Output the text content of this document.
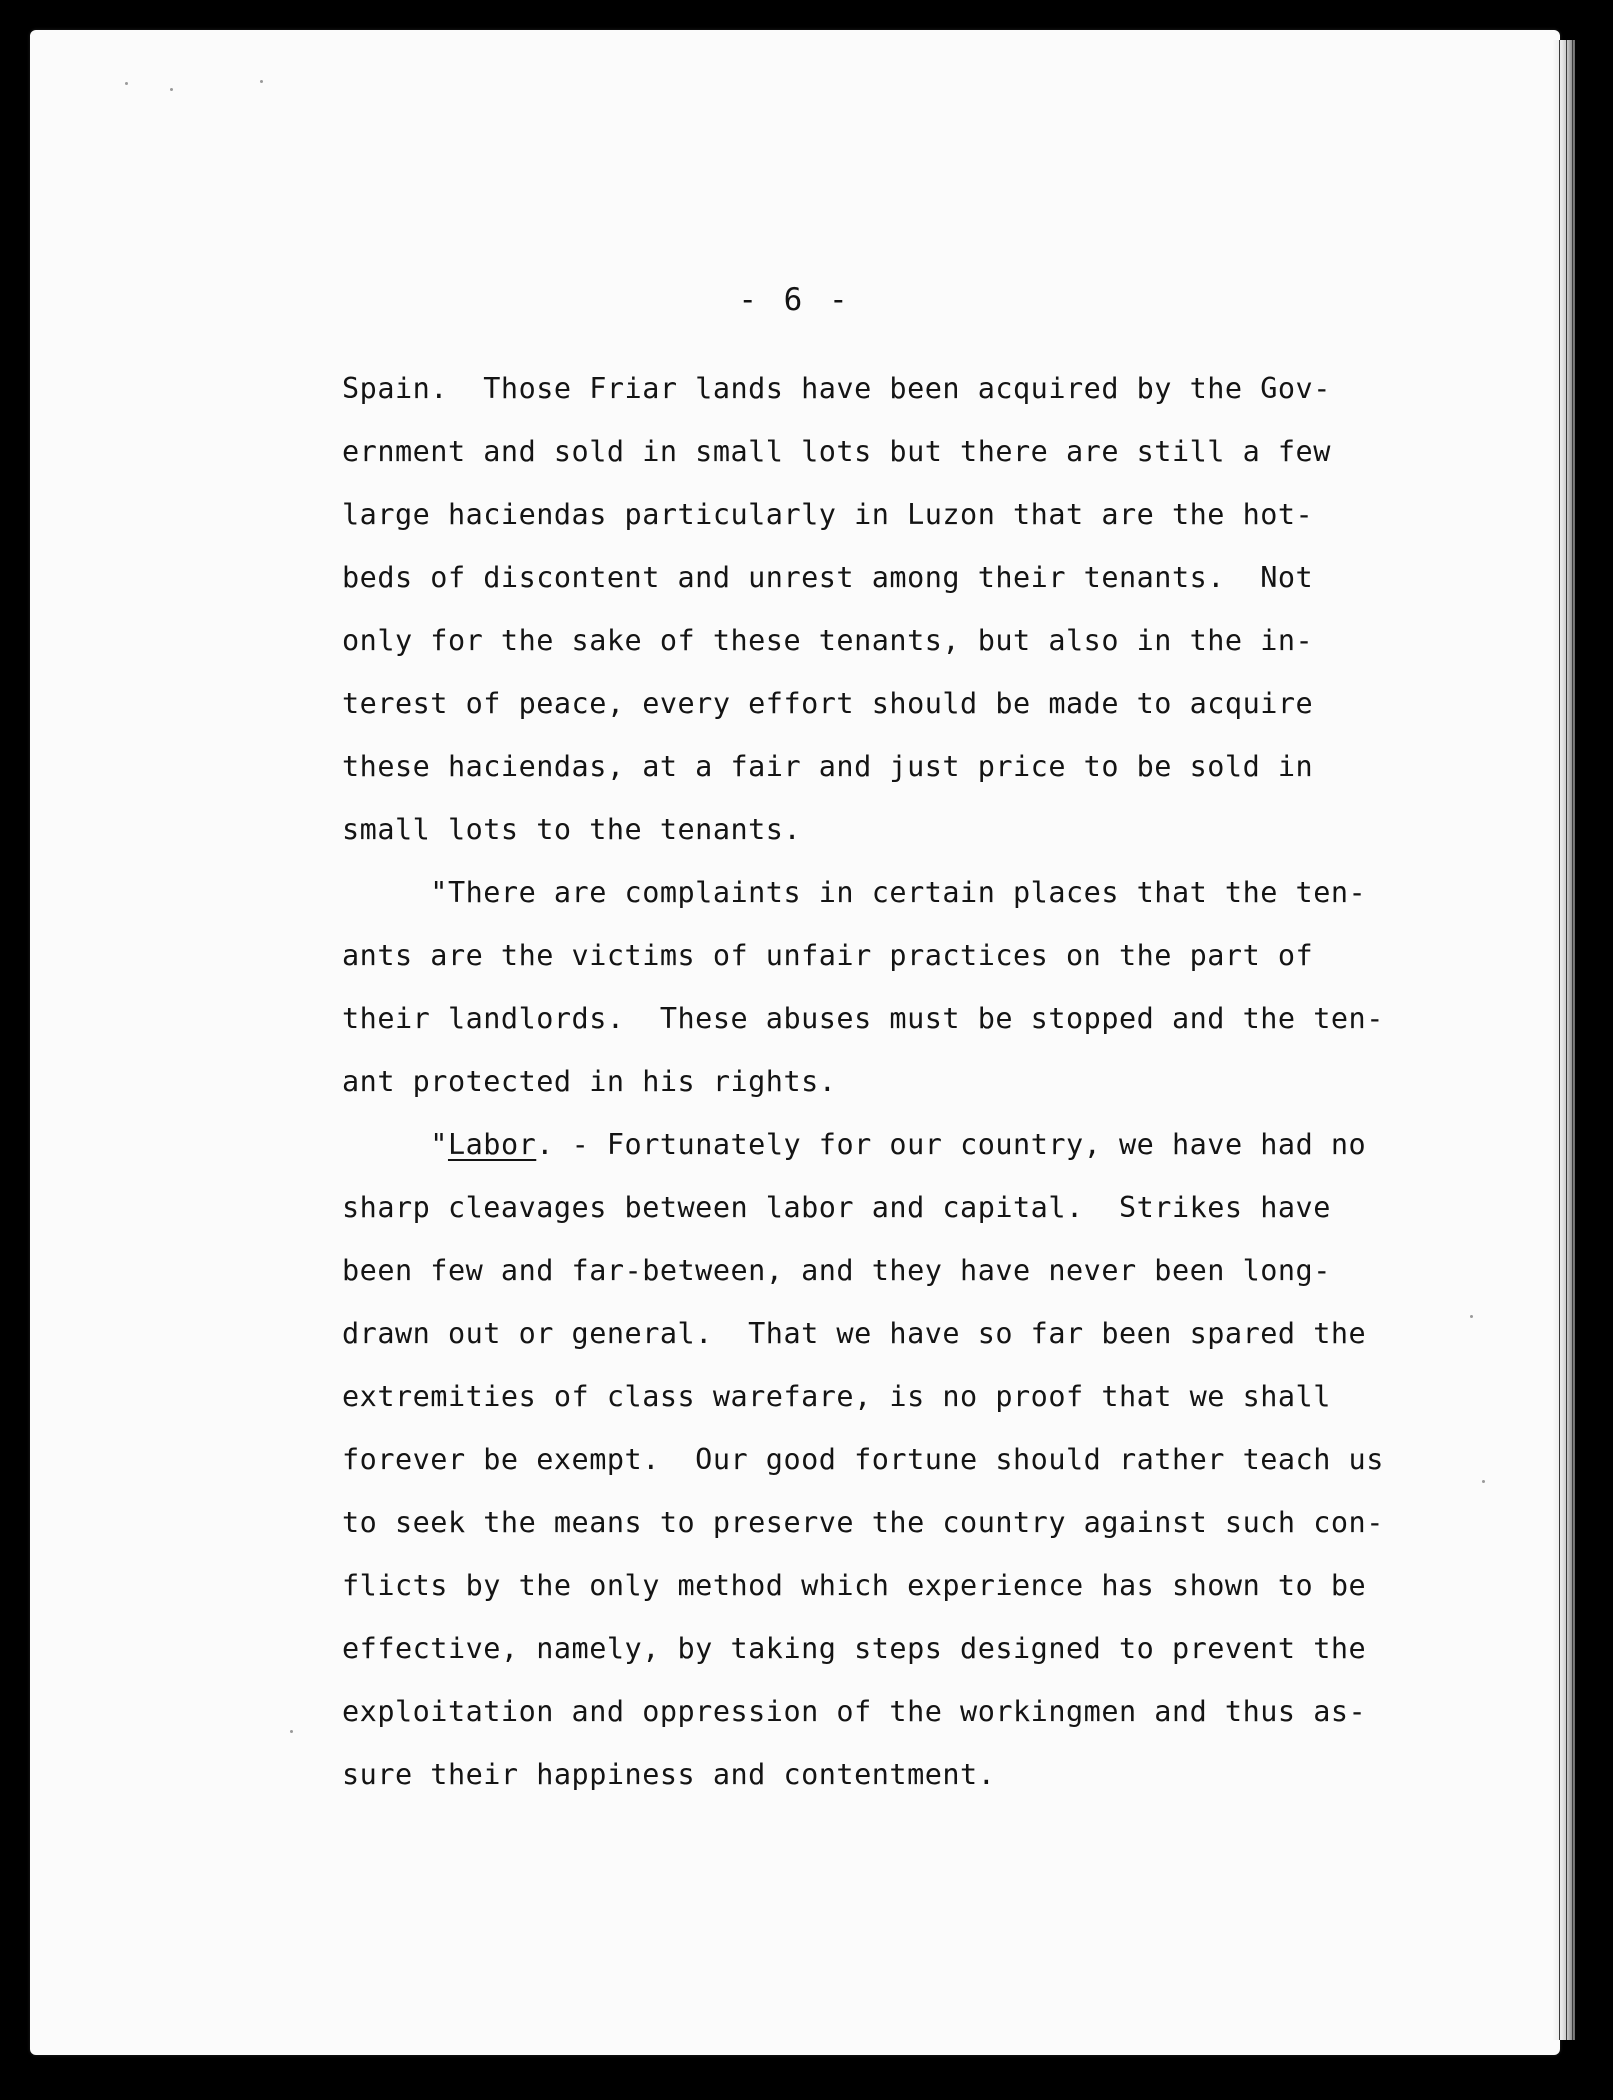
- 6 -
Spain.  Those Friar lands have been acquired by the Gov-
ernment and sold in small lots but there are still a few
large haciendas particularly in Luzon that are the hot-
beds of discontent and unrest among their tenants.  Not
only for the sake of these tenants, but also in the in-
terest of peace, every effort should be made to acquire
these haciendas, at a fair and just price to be sold in
small lots to the tenants.
"There are complaints in certain places that the ten-
ants are the victims of unfair practices on the part of
their landlords.  These abuses must be stopped and the ten-
ant protected in his rights.
"Labor. - Fortunately for our country, we have had no
sharp cleavages between labor and capital.  Strikes have
been few and far-between, and they have never been long-
drawn out or general.  That we have so far been spared the
extremities of class warefare, is no proof that we shall
forever be exempt.  Our good fortune should rather teach us
to seek the means to preserve the country against such con-
flicts by the only method which experience has shown to be
effective, namely, by taking steps designed to prevent the
exploitation and oppression of the workingmen and thus as-
sure their happiness and contentment.
